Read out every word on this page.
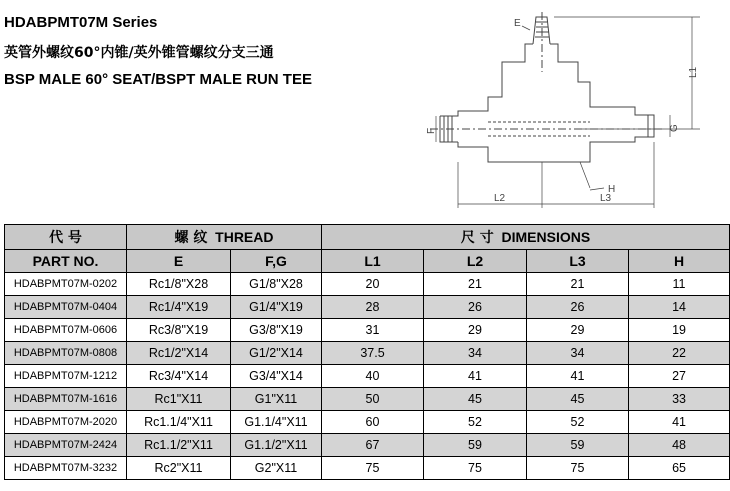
HDABPMT07M Series
英管外螺纹60°内锥/英外锥管螺纹分支三通
BSP MALE 60° SEAT/BSPT MALE RUN TEE
E
L1
F	G
H
L2	L3
代 号	螺 纹 THREAD		尺 寸 DIMENSIONS			
PART NO.	E	F,G	L1	L2	L3	H
HDABPMT07M-0202	Rc1/8"X28	G1/8"X28	20	21	21	11
HDABPMT07M-0404	Rc1/4"X19	G1/4"X19	28	26	26	14
HDABPMT07M-0606	Rc3/8"X19	G3/8"X19	31	29	29	19
HDABPMT07M-0808	Rc1/2"X14	G1/2"X14	37.5	34	34	22
HDABPMT07M-1212	Rc3/4"X14	G3/4"X14	40	41	41	27
HDABPMT07M-1616	Rc1"X11	G1"X11	50	45	45	33
HDABPMT07M-2020	Rc1.1/4"X11	G1.1/4"X11	60	52	52	41
HDABPMT07M-2424	Rc1.1/2"X11	G1.1/2"X11	67	59	59	48
HDABPMT07M-3232	Rc2"X11	G2"X11	75	75	75	65
